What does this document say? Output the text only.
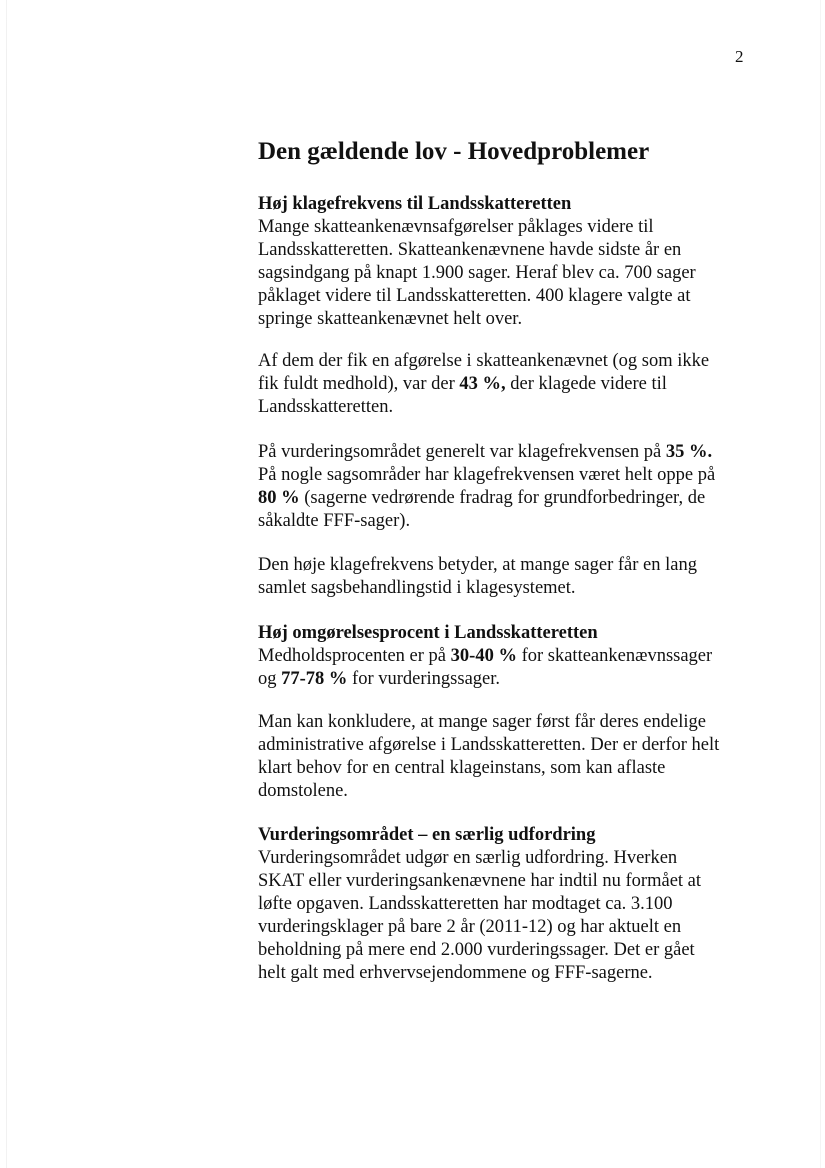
2
Den gældende lov - Hovedproblemer
Høj klagefrekvens til Landsskatteretten
Mange skatteankenævnsafgørelser påklages videre til
Landsskatteretten. Skatteankenævnene havde sidste år en
sagsindgang på knapt 1.900 sager. Heraf blev ca. 700 sager
påklaget videre til Landsskatteretten. 400 klagere valgte at
springe skatteankenævnet helt over.
Af dem der fik en afgørelse i skatteankenævnet (og som ikke
fik fuldt medhold), var der 43 %, der klagede videre til
Landsskatteretten.
På vurderingsområdet generelt var klagefrekvensen på 35 %.
På nogle sagsområder har klagefrekvensen været helt oppe på
80 % (sagerne vedrørende fradrag for grundforbedringer, de
såkaldte FFF-sager).
Den høje klagefrekvens betyder, at mange sager får en lang
samlet sagsbehandlingstid i klagesystemet.
Høj omgørelsesprocent i Landsskatteretten
Medholdsprocenten er på 30-40 % for skatteankenævnssager
og 77-78 % for vurderingssager.
Man kan konkludere, at mange sager først får deres endelige
administrative afgørelse i Landsskatteretten. Der er derfor helt
klart behov for en central klageinstans, som kan aflaste
domstolene.
Vurderingsområdet – en særlig udfordring
Vurderingsområdet udgør en særlig udfordring. Hverken
SKAT eller vurderingsankenævnene har indtil nu formået at
løfte opgaven. Landsskatteretten har modtaget ca. 3.100
vurderingsklager på bare 2 år (2011-12) og har aktuelt en
beholdning på mere end 2.000 vurderingssager. Det er gået
helt galt med erhvervsejendommene og FFF-sagerne.
